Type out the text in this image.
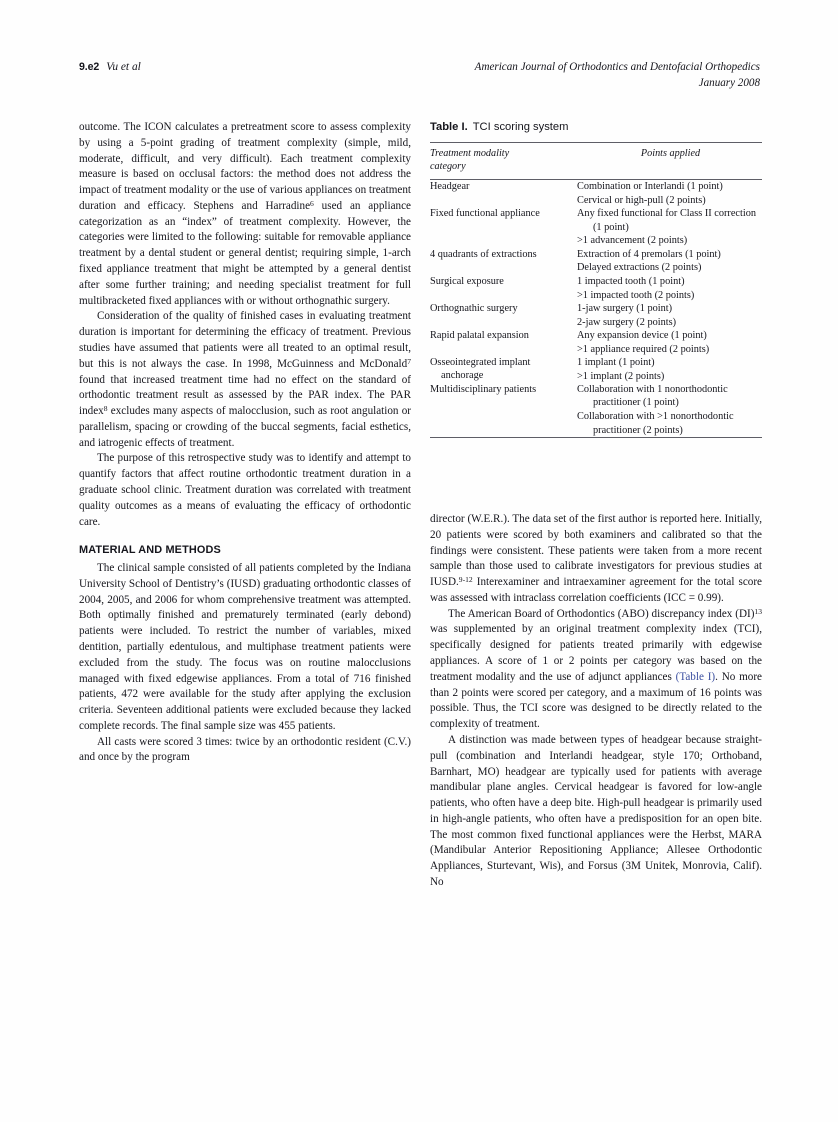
9.e2 Vu et al	American Journal of Orthodontics and Dentofacial Orthopedics
January 2008

outcome. The ICON calculates a pretreatment score to assess complexity by using a 5-point grading of treatment complexity (simple, mild, moderate, difficult, and very difficult). Each treatment complexity measure is based on occlusal factors: the method does not address the impact of treatment modality or the use of various appliances on treatment duration and efficacy. Stephens and Harradine$^6$ used an appliance categorization as an “index” of treatment complexity. However, the categories were limited to the following: suitable for removable appliance treatment by a dental student or general dentist; requiring simple, 1-arch fixed appliance treatment that might be attempted by a general dentist after some further training; and needing specialist treatment for full multibracketed fixed appliances with or without orthognathic surgery.

Consideration of the quality of finished cases in evaluating treatment duration is important for determining the efficacy of treatment. Previous studies have assumed that patients were all treated to an optimal result, but this is not always the case. In 1998, McGuinness and McDonald$^7$ found that increased treatment time had no effect on the standard of orthodontic treatment result as assessed by the PAR index. The PAR index$^8$ excludes many aspects of malocclusion, such as root angulation or parallelism, spacing or crowding of the buccal segments, facial esthetics, and iatrogenic effects of treatment.

The purpose of this retrospective study was to identify and attempt to quantify factors that affect routine orthodontic treatment duration in a graduate school clinic. Treatment duration was correlated with treatment quality outcomes as a means of evaluating the efficacy of orthodontic care.

MATERIAL AND METHODS

The clinical sample consisted of all patients completed by the Indiana University School of Dentistry’s (IUSD) graduating orthodontic classes of 2004, 2005, and 2006 for whom comprehensive treatment was attempted. Both optimally finished and prematurely terminated (early debond) patients were included. To restrict the number of variables, mixed dentition, partially edentulous, and multiphase treatment patients were excluded from the study. The focus was on routine malocclusions managed with fixed edgewise appliances. From a total of 716 finished patients, 472 were available for the study after applying the exclusion criteria. Seventeen additional patients were excluded because they lacked complete records. The final sample size was 455 patients.

All casts were scored 3 times: twice by an orthodontic resident (C.V.) and once by the program

Table I. TCI scoring system
Treatment modality
category
	Points applied
Headgear	Combination or Interlandi (1 point)
Cervical or high-pull (2 points)

Fixed functional appliance	Any fixed functional for Class II correction (1 point)
>1 advancement (2 points)

4 quadrants of extractions	Extraction of 4 premolars (1 point)
Delayed extractions (2 points)

Surgical exposure	1 impacted tooth (1 point)
>1 impacted tooth (2 points)

Orthognathic surgery	1-jaw surgery (1 point)
2-jaw surgery (2 points)

Rapid palatal expansion	Any expansion device (1 point)
>1 appliance required (2 points)

Osseointegrated implant
anchorage	1 implant (1 point)
>1 implant (2 points)

Multidisciplinary patients	Collaboration with 1 nonorthodontic practitioner (1 point)
Collaboration with >1 nonorthodontic practitioner (2 points)

director (W.E.R.). The data set of the first author is reported here. Initially, 20 patients were scored by both examiners and calibrated so that the findings were consistent. These patients were taken from a more recent sample than those used to calibrate investigators for previous studies at IUSD.$^{9-12}$ Interexaminer and intraexaminer agreement for the total score was assessed with intraclass correlation coefficients (ICC = 0.99).

The American Board of Orthodontics (ABO) discrepancy index (DI)$^{13}$ was supplemented by an original treatment complexity index (TCI), specifically designed for patients treated primarily with edgewise appliances. A score of 1 or 2 points per category was based on the treatment modality and the use of adjunct appliances (Table I). No more than 2 points were scored per category, and a maximum of 16 points was possible. Thus, the TCI score was designed to be directly related to the complexity of treatment.

A distinction was made between types of headgear because straight-pull (combination and Interlandi headgear, style 170; Orthoband, Barnhart, MO) headgear are typically used for patients with average mandibular plane angles. Cervical headgear is favored for low-angle patients, who often have a deep bite. High-pull headgear is primarily used in high-angle patients, who often have a predisposition for an open bite. The most common fixed functional appliances were the Herbst, MARA (Mandibular Anterior Repositioning Appliance; Allesee Orthodontic Appliances, Sturtevant, Wis), and Forsus (3M Unitek, Monrovia, Calif). No
